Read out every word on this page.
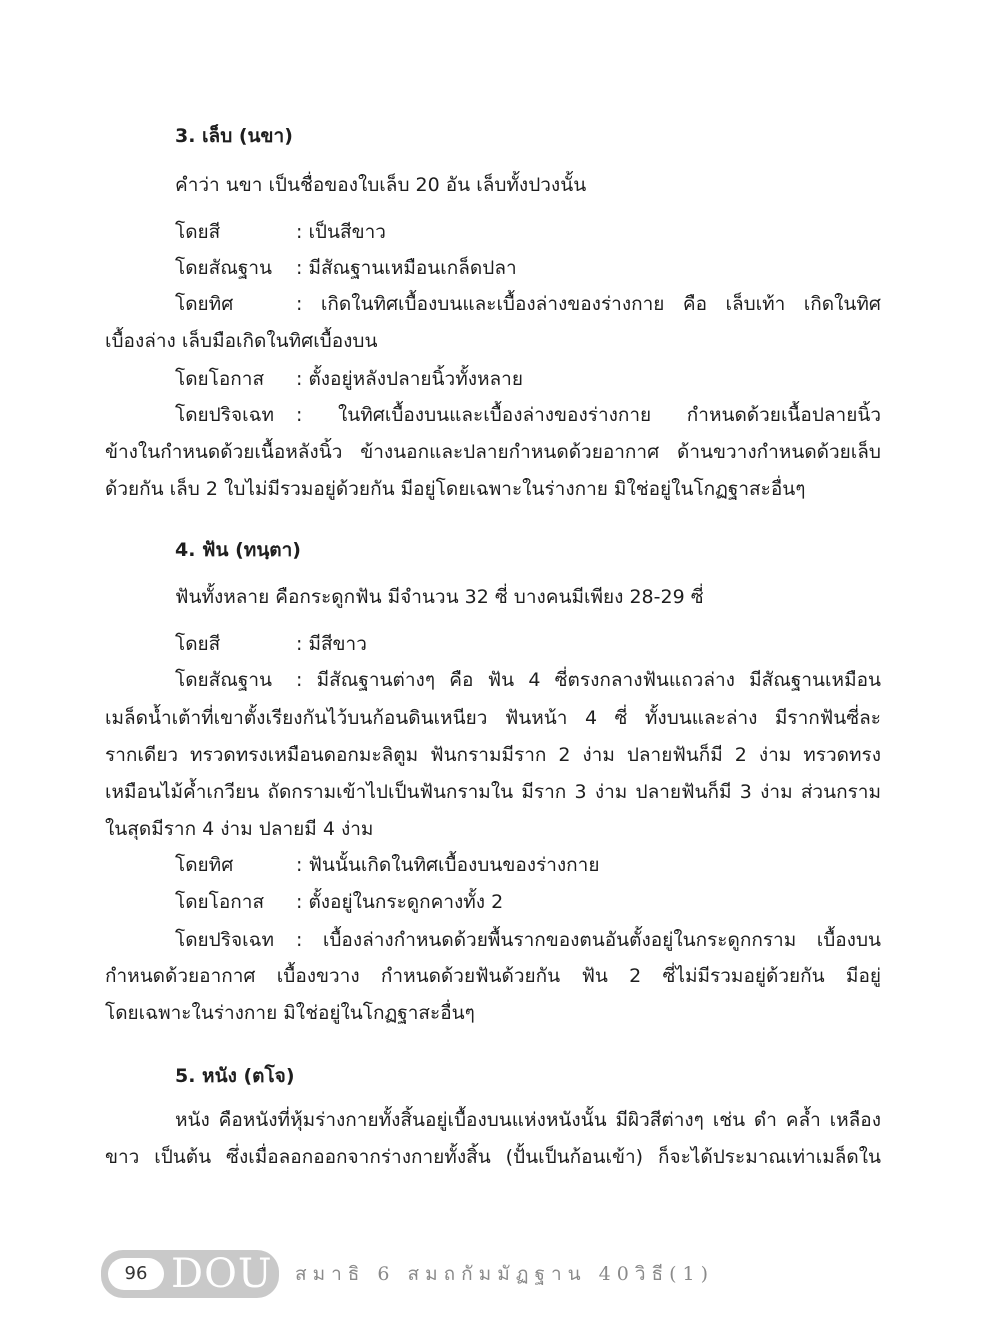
3. เล็บ (นขา)
คำว่า นขา เป็นชื่อของใบเล็บ 20 อัน เล็บทั้งปวงนั้น
โดยสี	: เป็นสีขาว
โดยสัณฐาน : มีสัณฐานเหมือนเกล็ดปลา
โดยทิศ	: เกิดในทิศเบื้องบนและเบื้องล่างของร่างกาย คือ เล็บเท้า เกิดในทิศ
เบื้องล่าง เล็บมือเกิดในทิศเบื้องบน
โดยโอกาส : ตั้งอยู่หลังปลายนิ้วทั้งหลาย
โดยปริจเฉท : ในทิศเบื้องบนและเบื้องล่างของร่างกาย กำหนดด้วยเนื้อปลายนิ้ว
ข้างในกำหนดด้วยเนื้อหลังนิ้ว ข้างนอกและปลายกำหนดด้วยอากาศ ด้านขวางกำหนดด้วยเล็บ
ด้วยกัน เล็บ 2 ใบไม่มีรวมอยู่ด้วยกัน มีอยู่โดยเฉพาะในร่างกาย มิใช่อยู่ในโกฏฐาสะอื่นๆ
4. ฟัน (ทนฺตา)
ฟันทั้งหลาย คือกระดูกฟัน มีจำนวน 32 ซี่ บางคนมีเพียง 28-29 ซี่
โดยสี	: มีสีขาว
โดยสัณฐาน : มีสัณฐานต่างๆ คือ ฟัน 4 ซี่ตรงกลางฟันแถวล่าง มีสัณฐานเหมือน
เมล็ดน้ำเต้าที่เขาตั้งเรียงกันไว้บนก้อนดินเหนียว ฟันหน้า 4 ซี่ ทั้งบนและล่าง มีรากฟันซี่ละ
รากเดียว ทรวดทรงเหมือนดอกมะลิตูม ฟันกรามมีราก 2 ง่าม ปลายฟันก็มี 2 ง่าม ทรวดทรง
เหมือนไม้ค้ำเกวียน ถัดกรามเข้าไปเป็นฟันกรามใน มีราก 3 ง่าม ปลายฟันก็มี 3 ง่าม ส่วนกราม
ในสุดมีราก 4 ง่าม ปลายมี 4 ง่าม
โดยทิศ	: ฟันนั้นเกิดในทิศเบื้องบนของร่างกาย
โดยโอกาส : ตั้งอยู่ในกระดูกคางทั้ง 2
โดยปริจเฉท : เบื้องล่างกำหนดด้วยพื้นรากของตนอันตั้งอยู่ในกระดูกกราม เบื้องบน
กำหนดด้วยอากาศ เบื้องขวาง กำหนดด้วยฟันด้วยกัน ฟัน 2 ซี่ไม่มีรวมอยู่ด้วยกัน มีอยู่
โดยเฉพาะในร่างกาย มิใช่อยู่ในโกฏฐาสะอื่นๆ
5. หนัง (ตโจ)
หนัง คือหนังที่หุ้มร่างกายทั้งสิ้นอยู่เบื้องบนแห่งหนังนั้น มีผิวสีต่างๆ เช่น ดำ คล้ำ เหลือง
ขาว เป็นต้น ซึ่งเมื่อลอกออกจากร่างกายทั้งสิ้น (ปั้นเป็นก้อนเข้า) ก็จะได้ประมาณเท่าเมล็ดใน
96 DOU สมาธิ 6 สมถกัมมัฏฐาน 40วิธี(1)
